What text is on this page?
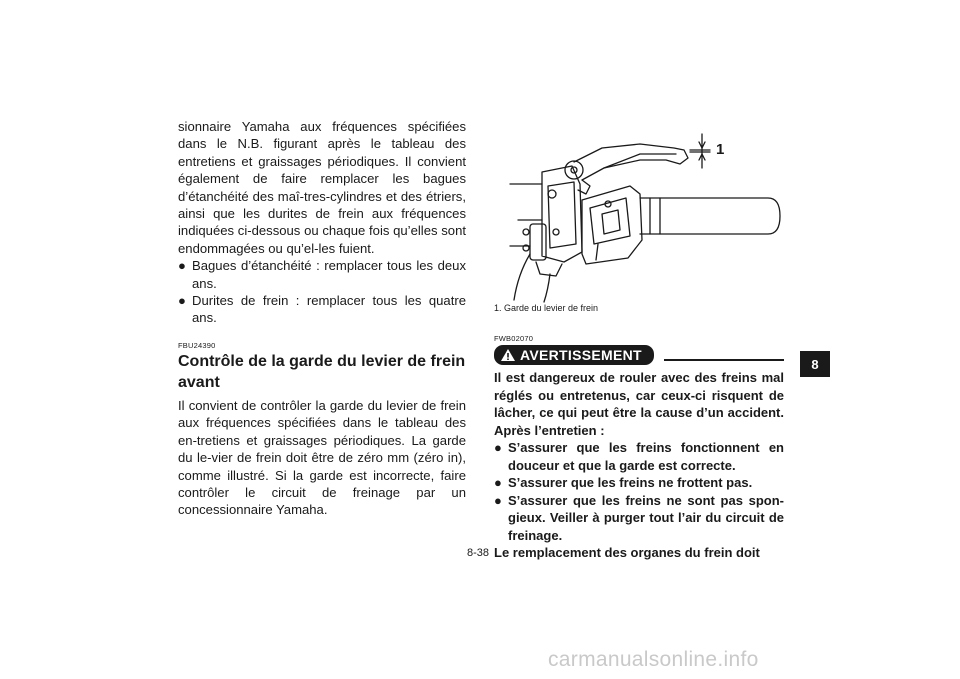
sionnaire Yamaha aux fréquences spécifiées dans le N.B. figurant après le tableau des entretiens et graissages périodiques. Il convient également de faire remplacer les bagues d’étanchéité des maî-tres-cylindres et des étriers, ainsi que les durites de frein aux fréquences indiquées ci-dessous ou chaque fois qu’elles sont endommagées ou qu’el-les fuient.

● Bagues d’étanchéité : remplacer tous les deux ans.
● Durites de frein : remplacer tous les quatre ans.
FBU24390
Contrôle de la garde du levier de frein avant

Il convient de contrôler la garde du levier de frein aux fréquences spécifiées dans le tableau des en-tretiens et graissages périodiques. La garde du le-vier de frein doit être de zéro mm (zéro in), comme illustré. Si la garde est incorrecte, faire contrôler le circuit de freinage par un concessionnaire Yamaha.

1
1. Garde du levier de frein
FWB02070
AVERTISSEMENT

Il est dangereux de rouler avec des freins mal réglés ou entretenus, car ceux-ci risquent de lâcher, ce qui peut être la cause d’un accident. Après l’entretien :

● S’assurer que les freins fonctionnent en douceur et que la garde est correcte.
● S’assurer que les freins ne frottent pas.
● S’assurer que les freins ne sont pas spon-gieux. Veiller à purger tout l’air du circuit de freinage.

Le remplacement des organes du frein doit

8
8-38
carmanualsonline.info
